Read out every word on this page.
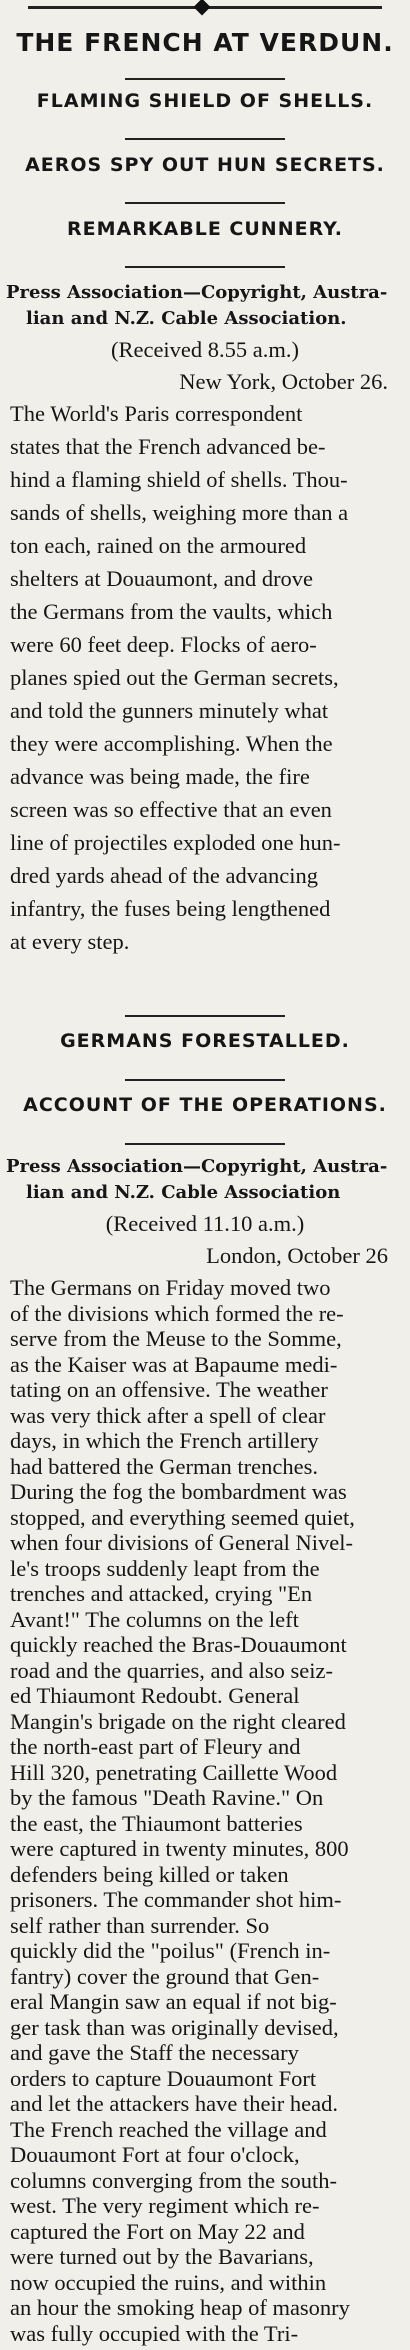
THE FRENCH AT VERDUN.
FLAMING SHIELD OF SHELLS.
AEROS SPY OUT HUN SECRETS.
REMARKABLE CUNNERY.
Press Association—Copyright, Austra-
lian and N.Z. Cable Association.
(Received 8.55 a.m.)
New York, October 26.
The World's Paris correspondent
states that the French advanced be-
hind a flaming shield of shells. Thou-
sands of shells, weighing more than a
ton each, rained on the armoured
shelters at Douaumont, and drove
the Germans from the vaults, which
were 60 feet deep. Flocks of aero-
planes spied out the German secrets,
and told the gunners minutely what
they were accomplishing. When the
advance was being made, the fire
screen was so effective that an even
line of projectiles exploded one hun-
dred yards ahead of the advancing
infantry, the fuses being lengthened
at every step.
GERMANS FORESTALLED.
ACCOUNT OF THE OPERATIONS.
Press Association—Copyright, Austra-
lian and N.Z. Cable Association
(Received 11.10 a.m.)
London, October 26
The Germans on Friday moved two
of the divisions which formed the re-
serve from the Meuse to the Somme,
as the Kaiser was at Bapaume medi-
tating on an offensive. The weather
was very thick after a spell of clear
days, in which the French artillery
had battered the German trenches.
During the fog the bombardment was
stopped, and everything seemed quiet,
when four divisions of General Nivel-
le's troops suddenly leapt from the
trenches and attacked, crying "En
Avant!" The columns on the left
quickly reached the Bras-Douaumont
road and the quarries, and also seiz-
ed Thiaumont Redoubt. General
Mangin's brigade on the right cleared
the north-east part of Fleury and
Hill 320, penetrating Caillette Wood
by the famous "Death Ravine." On
the east, the Thiaumont batteries
were captured in twenty minutes, 800
defenders being killed or taken
prisoners. The commander shot him-
self rather than surrender. So
quickly did the "poilus" (French in-
fantry) cover the ground that Gen-
eral Mangin saw an equal if not big-
ger task than was originally devised,
and gave the Staff the necessary
orders to capture Douaumont Fort
and let the attackers have their head.
The French reached the village and
Douaumont Fort at four o'clock,
columns converging from the south-
west. The very regiment which re-
captured the Fort on May 22 and
were turned out by the Bavarians,
now occupied the ruins, and within
an hour the smoking heap of masonry
was fully occupied with the Tri-
